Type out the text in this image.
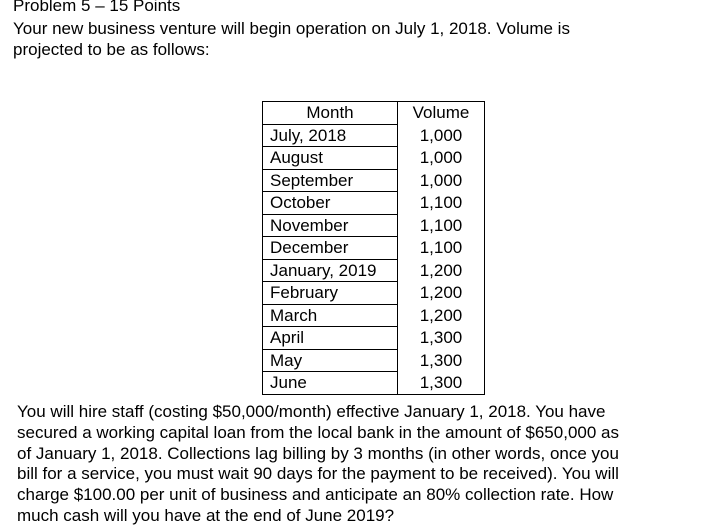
Problem 5 – 15 Points
Your new business venture will begin operation on July 1, 2018. Volume is
projected to be as follows:
Month	Volume
July, 2018	1,000
August	1,000
September	1,000
October	1,100
November	1,100
December	1,100
January, 2019	1,200
February	1,200
March	1,200
April	1,300
May	1,300
June	1,300
You will hire staff (costing $50,000/month) effective January 1, 2018. You have
secured a working capital loan from the local bank in the amount of $650,000 as
of January 1, 2018. Collections lag billing by 3 months (in other words, once you
bill for a service, you must wait 90 days for the payment to be received). You will
charge $100.00 per unit of business and anticipate an 80% collection rate. How
much cash will you have at the end of June 2019?
